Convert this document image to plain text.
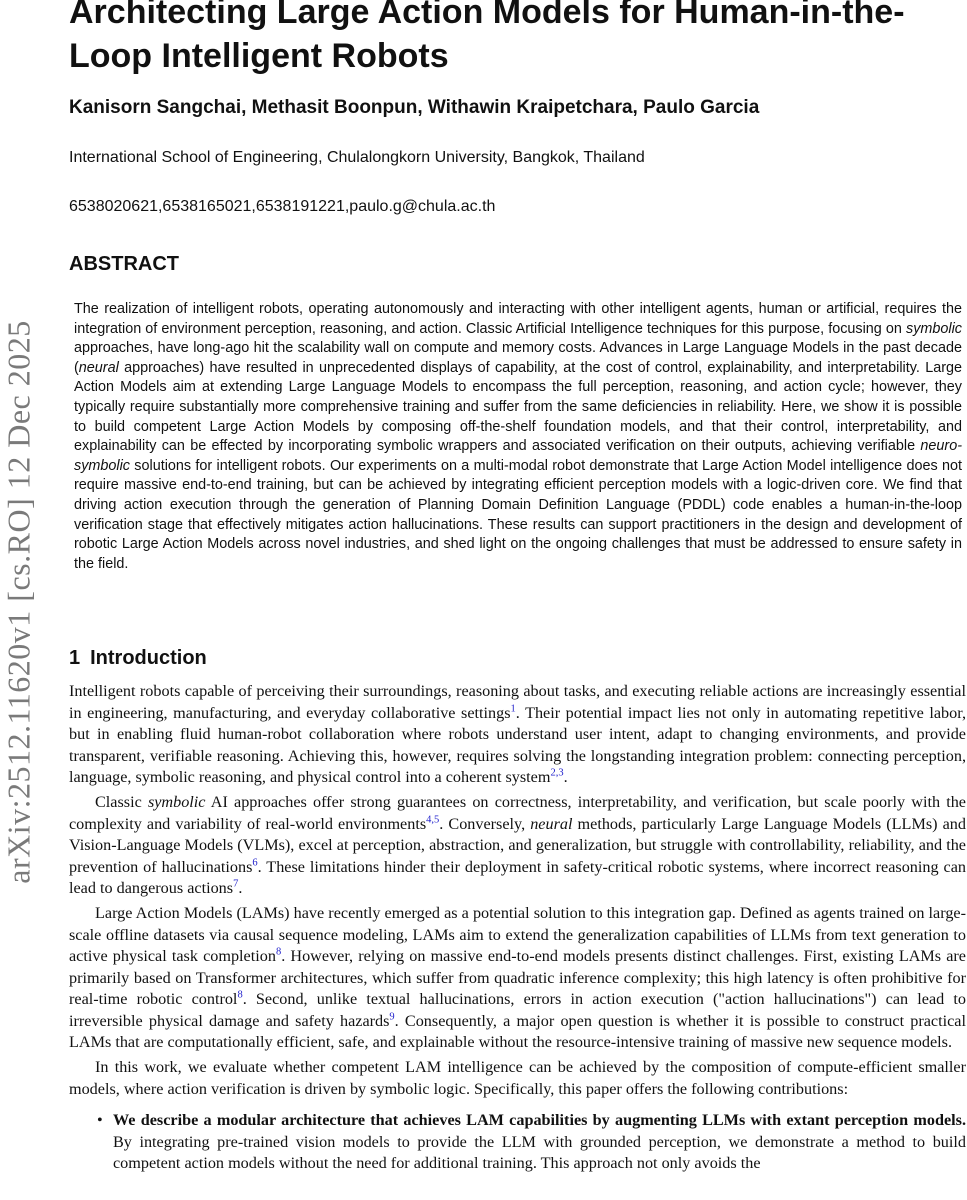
arXiv:2512.11620v1 [cs.RO] 12 Dec 2025
Architecting Large Action Models for Human-in-the-Loop Intelligent Robots

Kanisorn Sangchai, Methasit Boonpun, Withawin Kraipetchara, Paulo Garcia

International School of Engineering, Chulalongkorn University, Bangkok, Thailand

6538020621,6538165021,6538191221,paulo.g@chula.ac.th

ABSTRACT

The realization of intelligent robots, operating autonomously and interacting with other intelligent agents, human or artificial, requires the integration of environment perception, reasoning, and action. Classic Artificial Intelligence techniques for this purpose, focusing on symbolic approaches, have long-ago hit the scalability wall on compute and memory costs. Advances in Large Language Models in the past decade (neural approaches) have resulted in unprecedented displays of capability, at the cost of control, explainability, and interpretability. Large Action Models aim at extending Large Language Models to encompass the full perception, reasoning, and action cycle; however, they typically require substantially more comprehensive training and suffer from the same deficiencies in reliability. Here, we show it is possible to build competent Large Action Models by composing off-the-shelf foundation models, and that their control, interpretability, and explainability can be effected by incorporating symbolic wrappers and associated verification on their outputs, achieving verifiable neuro-symbolic solutions for intelligent robots. Our experiments on a multi-modal robot demonstrate that Large Action Model intelligence does not require massive end-to-end training, but can be achieved by integrating efficient perception models with a logic-driven core. We find that driving action execution through the generation of Planning Domain Definition Language (PDDL) code enables a human-in-the-loop verification stage that effectively mitigates action hallucinations. These results can support practitioners in the design and development of robotic Large Action Models across novel industries, and shed light on the ongoing challenges that must be addressed to ensure safety in the field.

1 Introduction

Intelligent robots capable of perceiving their surroundings, reasoning about tasks, and executing reliable actions are increasingly essential in engineering, manufacturing, and everyday collaborative settings$^1$. Their potential impact lies not only in automating repetitive labor, but in enabling fluid human-robot collaboration where robots understand user intent, adapt to changing environments, and provide transparent, verifiable reasoning. Achieving this, however, requires solving the longstanding integration problem: connecting perception, language, symbolic reasoning, and physical control into a coherent system$^{2,3}$.

Classic symbolic AI approaches offer strong guarantees on correctness, interpretability, and verification, but scale poorly with the complexity and variability of real-world environments$^{4,5}$. Conversely, neural methods, particularly Large Language Models (LLMs) and Vision-Language Models (VLMs), excel at perception, abstraction, and generalization, but struggle with controllability, reliability, and the prevention of hallucinations$^6$. These limitations hinder their deployment in safety-critical robotic systems, where incorrect reasoning can lead to dangerous actions$^7$.

Large Action Models (LAMs) have recently emerged as a potential solution to this integration gap. Defined as agents trained on large-scale offline datasets via causal sequence modeling, LAMs aim to extend the generalization capabilities of LLMs from text generation to active physical task completion$^8$. However, relying on massive end-to-end models presents distinct challenges. First, existing LAMs are primarily based on Transformer architectures, which suffer from quadratic inference complexity; this high latency is often prohibitive for real-time robotic control$^8$. Second, unlike textual hallucinations, errors in action execution ("action hallucinations") can lead to irreversible physical damage and safety hazards$^9$. Consequently, a major open question is whether it is possible to construct practical LAMs that are computationally efficient, safe, and explainable without the resource-intensive training of massive new sequence models.

In this work, we evaluate whether competent LAM intelligence can be achieved by the composition of compute-efficient smaller models, where action verification is driven by symbolic logic. Specifically, this paper offers the following contributions:

• We describe a modular architecture that achieves LAM capabilities by augmenting LLMs with extant perception models. By integrating pre-trained vision models to provide the LLM with grounded perception, we demonstrate a method to build competent action models without the need for additional training. This approach not only avoids the
